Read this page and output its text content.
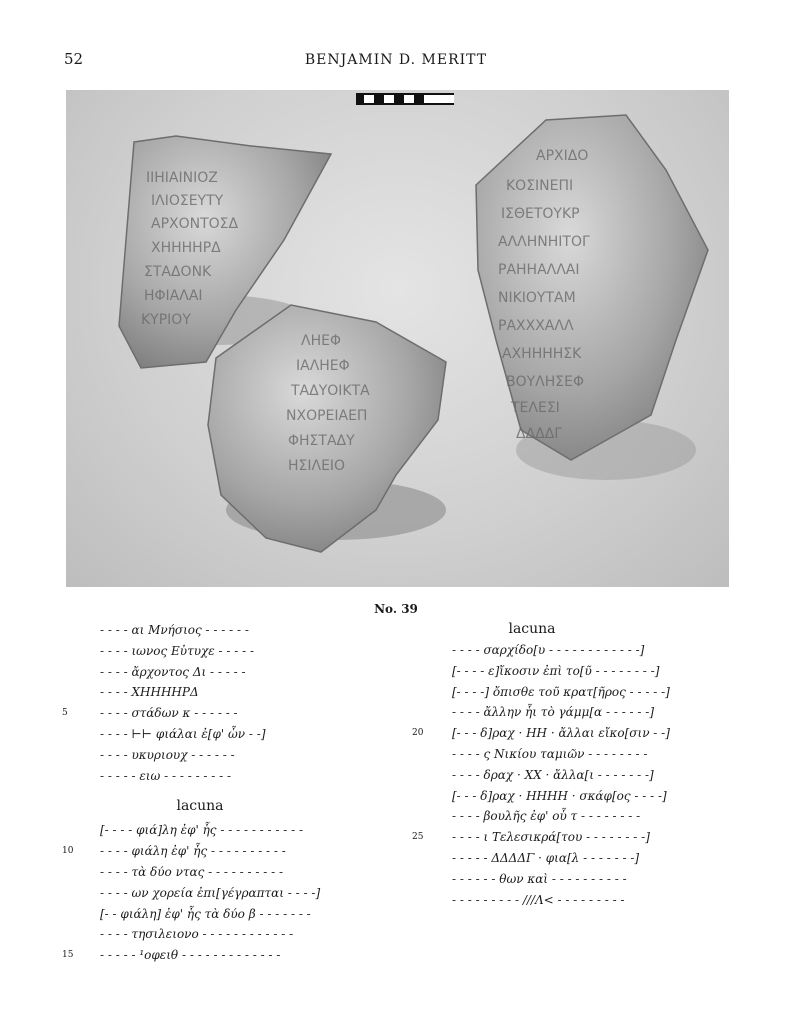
52	BENJAMIN D. MERITT
ΙΙΗΙΑΙΝΙΟΖ
ΙΛΙΟΣΕΥΤΥ
ΑΡΧΟΝΤΟΣΔ
ΧΗΗΗΗΡΔ
ΣΤΑΔΟΝΚ
ΗΦΙΑΛΑΙ
ΚΥΡΙΟΥ
ΛΗΕΦ
ΙΑΛΗΕΦ
ΤΑΔΥΟΙΚΤΑ
ΝΧΟΡΕΙΑΕΠ
ΦΗΣΤΑΔΥ
ΗΣΙΛΕΙΟ
ΑΡΧΙΔΟ
ΚΟΣΙΝΕΠΙ
ΙΣΘΕΤΟΥΚΡ
ΑΛΛΗΝΗΙΤΟΓ
ΡΑΗΗΑΛΛΑΙ
ΝΙΚΙΟΥΤΑΜ
ΡΑΧΧΧΑΛΛ
ΑΧΗΗΗΗΣΚ
ΒΟΥΛΗΣΕΦ
ΤΕΛΕΣΙ
ΔΔΔΔΓ
No. 39
- - - - αι Μνήσιος - - - - - -
- - - - ιωνος Εὐτυχε - - - - -
- - - - ἄρχοντος Δι - - - - -
- - - - ΧΗΗΗΗΡΔ
5	- - - - στάδων κ - - - - - -
- - - - ⊢⊢ φιάλαι ἐ[φ' ὧν - -]
- - - - υκυριουχ - - - - - -
- - - - - ειω - - - - - - - - -
lacuna
[- - - - φιά]λη ἐφ' ἧς - - - - - - - - - - -
10 - - - - φιάλη ἐφ' ἧς - - - - - - - - - -
- - - - τὰ δύο ντας - - - - - - - - - -
- - - - ων χορεία ἐπι[γέγραπται - - - -]
[- - φιάλη] ἐφ' ἧς τὰ δύο β - - - - - - -
- - - - τησιλειονο - - - - - - - - - - - -
15 - - - - - ¹οφειθ - - - - - - - - - - - - -
lacuna
- - - - σαρχίδο[υ - - - - - - - - - - - -]
[- - - - ε]ἴκοσιν ἐπὶ το[ῦ - - - - - - - -]
[- - - -] ὄπισθε τοῦ κρατ[ῆρος - - - - -]
- - - - ἄλλην ἧι τὸ γάμμ[α - - - - - -]
20 [- - - δ]ραχ · ΗΗ · ἄλλαι εἴκο[σιν - -]
- - - - ς Νικίου ταμιῶν - - - - - - - -
- - - - δραχ · ΧΧ · ἄλλα[ι - - - - - - -]
[- - - δ]ραχ · ΗΗΗΗ · σκάφ[ος - - - -]
- - - - βουλῆς ἐφ' οὗ τ - - - - - - - -
25 - - - - ι Τελεσικρά[του - - - - - - - -]
- - - - - ΔΔΔΔΓ · φια[λ - - - - - - -]
- - - - - - θων καὶ - - - - - - - - - -
- - - - - - - - - ///Λ< - - - - - - - - -
